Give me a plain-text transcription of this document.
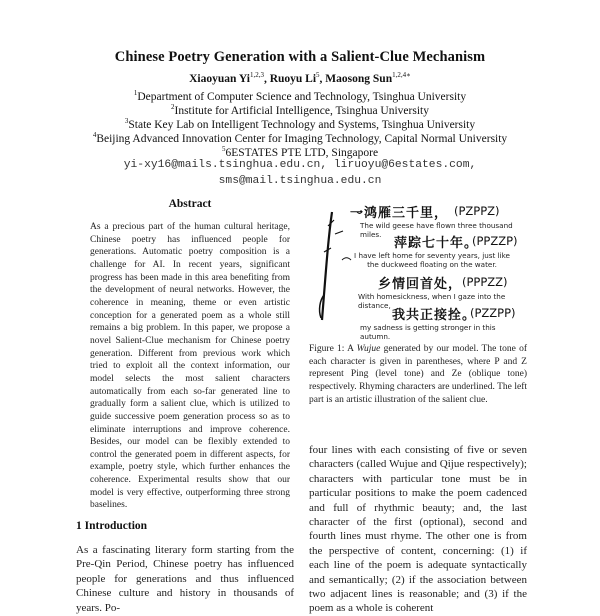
Chinese Poetry Generation with a Salient-Clue Mechanism
Xiaoyuan Yi$^{1,2,3}$, Ruoyu Li$^5$, Maosong Sun$^{1,2,4∗}$
$^1$Department of Computer Science and Technology, Tsinghua University
$^2$Institute for Artificial Intelligence, Tsinghua University
$^3$State Key Lab on Intelligent Technology and Systems, Tsinghua University
$^4$Beijing Advanced Innovation Center for Imaging Technology, Capital Normal University
$^5$6ESTATES PTE LTD, Singapore
yi-xy16@mails.tsinghua.edu.cn, liruoyu@6estates.com,
sms@mail.tsinghua.edu.cn
Abstract
As a precious part of the human cultural heritage, Chinese poetry has influenced people for generations. Automatic poetry composition is a challenge for AI. In recent years, significant progress has been made in this area benefiting from the development of neural networks. However, the coherence in meaning, theme or even artistic conception for a generated poem as a whole still remains a big problem. In this paper, we propose a novel Salient-Clue mechanism for Chinese poetry generation. Different from previous work which tried to exploit all the context information, our model selects the most salient characters automatically from each so-far generated line to gradually form a salient clue, which is utilized to guide successive poem generation process so as to eliminate interruptions and improve coherence. Besides, our model can be flexibly extended to control the generated poem in different aspects, for example, poetry style, which further enhances the coherence. Experimental results show that our model is very effective, outperforming three strong baselines.
1 Introduction
As a fascinating literary form starting from the Pre-Qin Period, Chinese poetry has influenced people for generations and thus influenced Chinese culture and history in thousands of years. Po-
一鸿雁三千里， (PZPPZ)
The wild geese have flown three thousand miles.
萍踪七十年。
(PPZZP)
I have left home for seventy years, just like the duckweed floating on the water.
乡情回首处， (PPPZZ)
With homesickness, when I gaze into the distance,
我共正接拴。
(PZZPP)
my sadness is getting stronger in this autumn.
Figure 1: A Wujue generated by our model. The tone of each character is given in parentheses, where P and Z represent Ping (level tone) and Ze (oblique tone) respectively. Rhyming characters are underlined. The left part is an artistic illustration of the salient clue.
four lines with each consisting of five or seven characters (called Wujue and Qijue respectively); characters with particular tone must be in particular positions to make the poem cadenced and full of rhythmic beauty; and, the last character of the first (optional), second and fourth lines must rhyme. The other one is from the perspective of content, concerning: (1) if each line of the poem is adequate syntactically and semantically; (2) if the association between two adjacent lines is reasonable; and (3) if the poem as a whole is coherent
